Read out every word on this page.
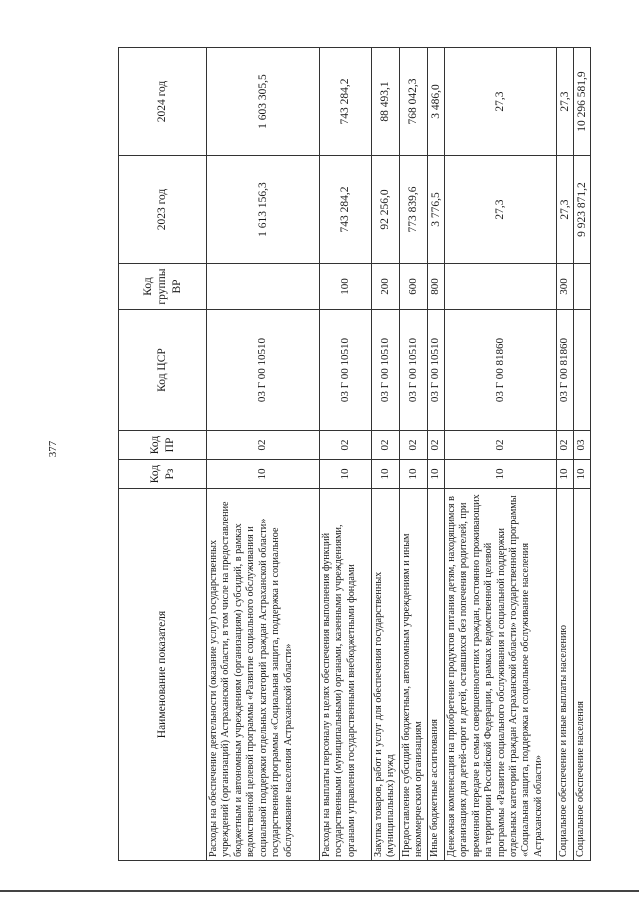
377
Наименование показателя	Код Рз	Код ПР	Код ЦСР	Код группы ВР	2023 год	2024 год
Расходы на обеспечение деятельности (оказание услуг) государственных учреждений (организаций) Астраханской области, в том числе на предоставление бюджетным и автономным учреждениям (организациям) субсидий, в рамках ведомственной целевой программы «Развитие социального обслуживания и социальной поддержки отдельных категорий граждан Астраханской области» государственной программы «Социальная защита, поддержка и социальное обслуживание населения Астраханской области»	10	02	03 Г 00 10510		1 613 156,3	1 603 305,5
Расходы на выплаты персоналу в целях обеспечения выполнения функций государственными (муниципальными) органами, казенными учреждениями, органами управления государственными внебюджетными фондами	10	02	03 Г 00 10510	100	743 284,2	743 284,2
Закупка товаров, работ и услуг для обеспечения государственных (муниципальных) нужд	10	02	03 Г 00 10510	200	92 256,0	88 493,1
Предоставление субсидий бюджетным, автономным учреждениям и иным некоммерческим организациям	10	02	03 Г 00 10510	600	773 839,6	768 042,3
Иные бюджетные ассигнования	10	02	03 Г 00 10510	800	3 776,5	3 486,0
Денежная компенсация на приобретение продуктов питания детям, находящимся в организациях для детей-сирот и детей, оставшихся без попечения родителей, при временной передаче в семьи совершеннолетних граждан, постоянно проживающих на территории Российской Федерации, в рамках ведомственной целевой программы «Развитие социального обслуживания и социальной поддержки отдельных категорий граждан Астраханской области» государственной программы «Социальная защита, поддержка и социальное обслуживание населения Астраханской области»	10	02	03 Г 00 81860		27,3	27,3
Социальное обеспечение и иные выплаты населению	10	02	03 Г 00 81860	300	27,3	27,3
Социальное обеспечение населения	10	03			9 923 871,2	10 296 581,9
